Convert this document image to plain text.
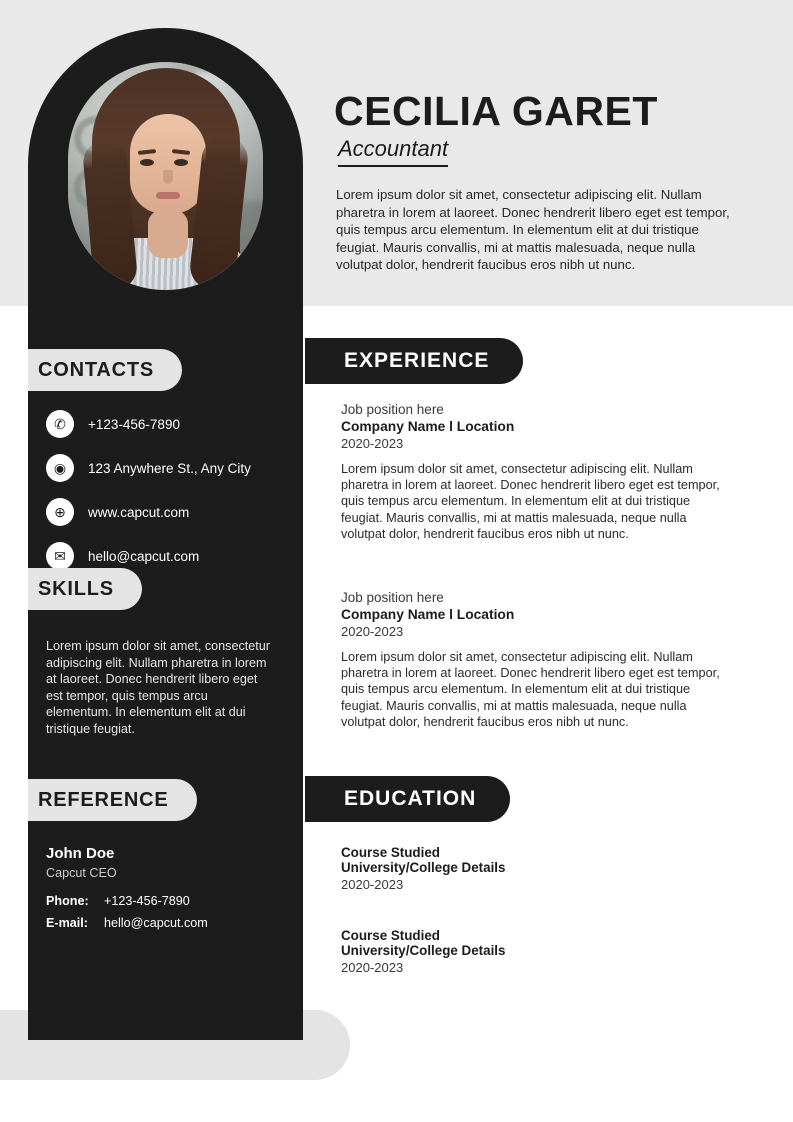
CECILIA GARET
Accountant
Lorem ipsum dolor sit amet, consectetur adipiscing elit. Nullam pharetra in lorem at laoreet. Donec hendrerit libero eget est tempor, quis tempus arcu elementum. In elementum elit at dui tristique feugiat. Mauris convallis, mi at mattis malesuada, neque nulla volutpat dolor, hendrerit faucibus eros nibh ut nunc.
CONTACTS
✆	+123-456-7890
◉	123 Anywhere St., Any City
⊕	www.capcut.com
✉	hello@capcut.com
SKILLS
Lorem ipsum dolor sit amet, consectetur adipiscing elit. Nullam pharetra in lorem at laoreet. Donec hendrerit libero eget est tempor, quis tempus arcu elementum. In elementum elit at dui tristique feugiat.
REFERENCE
John Doe
Capcut CEO
Phone:	+123-456-7890
E-mail:	hello@capcut.com
EXPERIENCE
Job position here
Company Name l Location
2020-2023
Lorem ipsum dolor sit amet, consectetur adipiscing elit. Nullam pharetra in lorem at laoreet. Donec hendrerit libero eget est tempor, quis tempus arcu elementum. In elementum elit at dui tristique feugiat. Mauris convallis, mi at mattis malesuada, neque nulla volutpat dolor, hendrerit faucibus eros nibh ut nunc.
Job position here
Company Name l Location
2020-2023
Lorem ipsum dolor sit amet, consectetur adipiscing elit. Nullam pharetra in lorem at laoreet. Donec hendrerit libero eget est tempor, quis tempus arcu elementum. In elementum elit at dui tristique feugiat. Mauris convallis, mi at mattis malesuada, neque nulla volutpat dolor, hendrerit faucibus eros nibh ut nunc.
EDUCATION
Course Studied
University/College Details
2020-2023
Course Studied
University/College Details
2020-2023
